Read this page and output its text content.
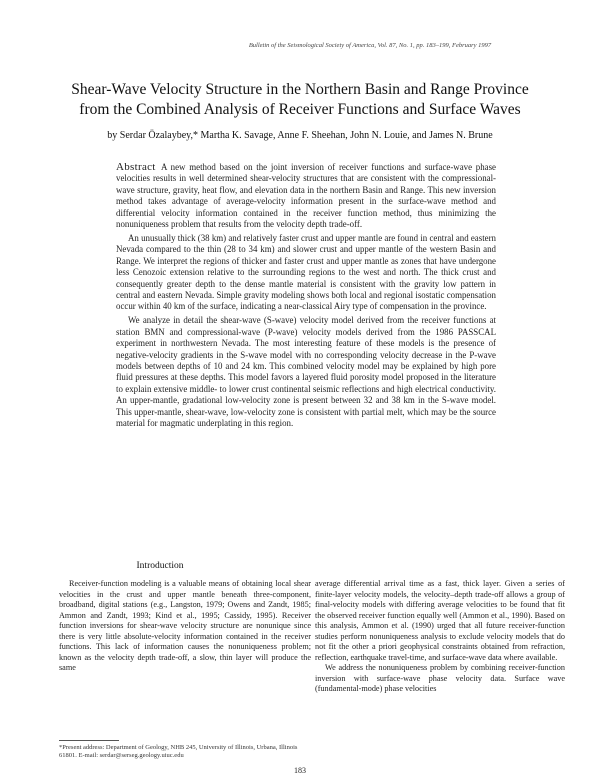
Bulletin of the Seismological Society of America, Vol. 87, No. 1, pp. 183–199, February 1997
Shear-Wave Velocity Structure in the Northern Basin and Range Province
from the Combined Analysis of Receiver Functions and Surface Waves
by Serdar Özalaybey,* Martha K. Savage, Anne F. Sheehan, John N. Louie, and James N. Brune

Abstract A new method based on the joint inversion of receiver functions and surface-wave phase velocities results in well determined shear-velocity structures that are consistent with the compressional-wave structure, gravity, heat flow, and elevation data in the northern Basin and Range. This new inversion method takes advantage of average-velocity information present in the surface-wave method and differential velocity information contained in the receiver function method, thus minimizing the nonuniqueness problem that results from the velocity depth trade-off.

An unusually thick (38 km) and relatively faster crust and upper mantle are found in central and eastern Nevada compared to the thin (28 to 34 km) and slower crust and upper mantle of the western Basin and Range. We interpret the regions of thicker and faster crust and upper mantle as zones that have undergone less Cenozoic extension relative to the surrounding regions to the west and north. The thick crust and consequently greater depth to the dense mantle material is consistent with the gravity low pattern in central and eastern Nevada. Simple gravity modeling shows both local and regional isostatic compensation occur within 40 km of the surface, indicating a near-classical Airy type of compensation in the province.

We analyze in detail the shear-wave (S-wave) velocity model derived from the receiver functions at station BMN and compressional-wave (P-wave) velocity models derived from the 1986 PASSCAL experiment in northwestern Nevada. The most interesting feature of these models is the presence of negative-velocity gradients in the S-wave model with no corresponding velocity decrease in the P-wave models between depths of 10 and 24 km. This combined velocity model may be explained by high pore fluid pressures at these depths. This model favors a layered fluid porosity model proposed in the literature to explain extensive middle- to lower crust continental seismic reflections and high electrical conductivity. An upper-mantle, gradational low-velocity zone is present between 32 and 38 km in the S-wave model. This upper-mantle, shear-wave, low-velocity zone is consistent with partial melt, which may be the source material for magmatic underplating in this region.

Introduction

Receiver-function modeling is a valuable means of obtaining local shear velocities in the crust and upper mantle beneath three-component, broadband, digital stations (e.g., Langston, 1979; Owens and Zandt, 1985; Ammon and Zandt, 1993; Kind et al., 1995; Cassidy, 1995). Receiver function inversions for shear-wave velocity structure are nonunique since there is very little absolute-velocity information contained in the receiver functions. This lack of information causes the nonuniqueness problem; known as the velocity depth trade-off, a slow, thin layer will produce the same

average differential arrival time as a fast, thick layer. Given a series of finite-layer velocity models, the velocity–depth trade-off allows a group of final-velocity models with differing average velocities to be found that fit the observed receiver function equally well (Ammon et al., 1990). Based on this analysis, Ammon et al. (1990) urged that all future receiver-function studies perform nonuniqueness analysis to exclude velocity models that do not fit the other a priori geophysical constraints obtained from refraction, reflection, earthquake travel-time, and surface-wave data where available.

We address the nonuniqueness problem by combining receiver-function inversion with surface-wave phase velocity data. Surface wave (fundamental-mode) phase velocities

*Present address: Department of Geology, NHB 245, University of Illinois, Urbana, Illinois 61801. E-mail: serdar@serseg.geology.uiuc.edu
183
